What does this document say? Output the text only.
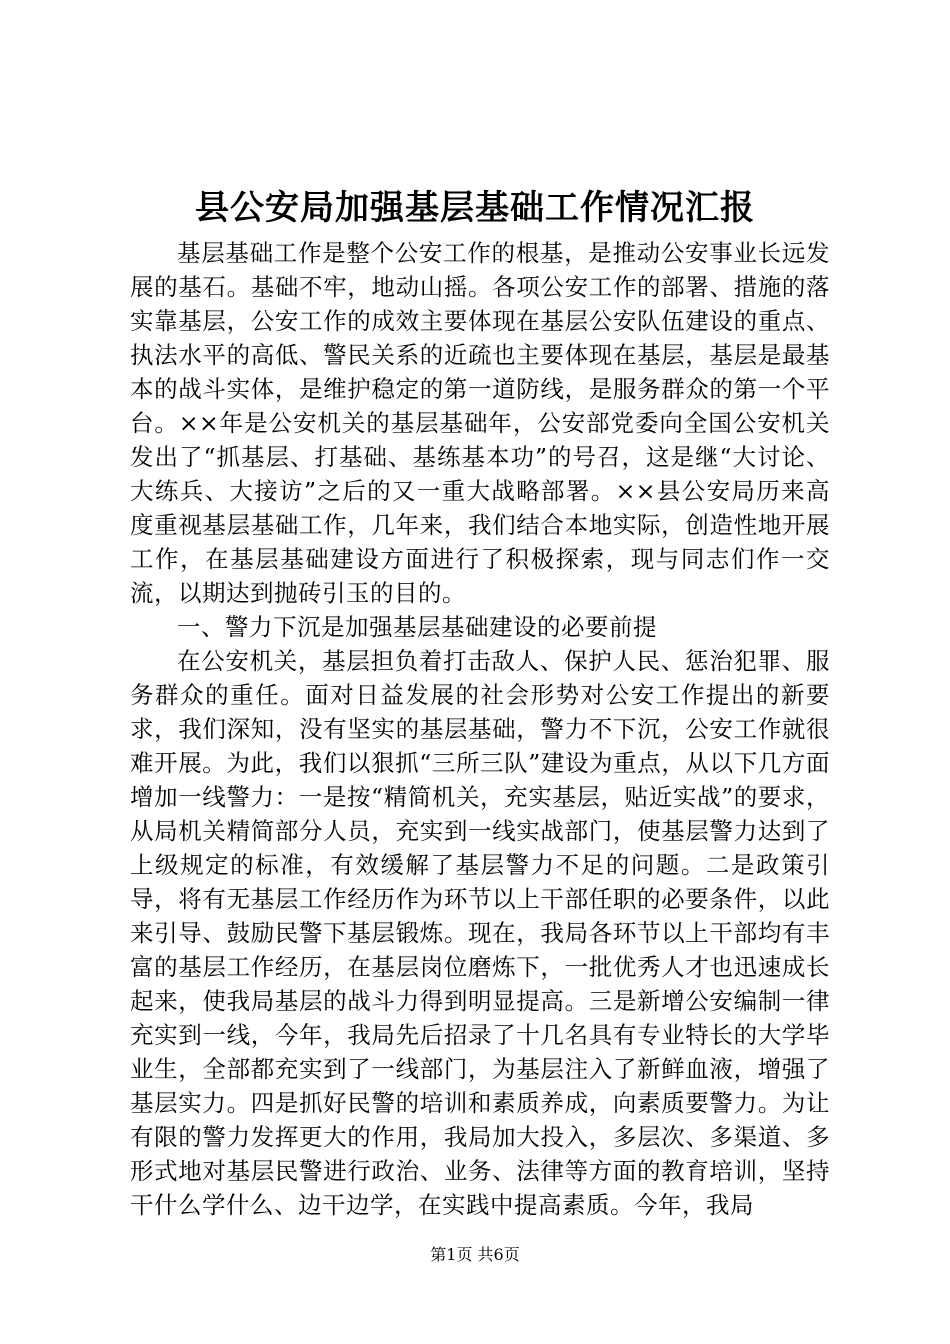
县公安局加强基层基础工作情况汇报

基层基础工作是整个公安工作的根基，是推动公安事业长远发展的基石。基础不牢，地动山摇。各项公安工作的部署、措施的落实靠基层，公安工作的成效主要体现在基层公安队伍建设的重点、执法水平的高低、警民关系的近疏也主要体现在基层，基层是最基本的战斗实体，是维护稳定的第一道防线，是服务群众的第一个平台。××年是公安机关的基层基础年，公安部党委向全国公安机关发出了“抓基层、打基础、基练基本功”的号召，这是继“大讨论、大练兵、大接访”之后的又一重大战略部署。××县公安局历来高度重视基层基础工作，几年来，我们结合本地实际，创造性地开展工作，在基层基础建设方面进行了积极探索，现与同志们作一交流，以期达到抛砖引玉的目的。

一、警力下沉是加强基层基础建设的必要前提

在公安机关，基层担负着打击敌人、保护人民、惩治犯罪、服务群众的重任。面对日益发展的社会形势对公安工作提出的新要求，我们深知，没有坚实的基层基础，警力不下沉，公安工作就很难开展。为此，我们以狠抓“三所三队”建设为重点，从以下几方面增加一线警力：一是按“精简机关，充实基层，贴近实战”的要求，从局机关精简部分人员，充实到一线实战部门，使基层警力达到了上级规定的标准，有效缓解了基层警力不足的问题。二是政策引导，将有无基层工作经历作为环节以上干部任职的必要条件，以此来引导、鼓励民警下基层锻炼。现在，我局各环节以上干部均有丰富的基层工作经历，在基层岗位磨炼下，一批优秀人才也迅速成长起来，使我局基层的战斗力得到明显提高。三是新增公安编制一律充实到一线，今年，我局先后招录了十几名具有专业特长的大学毕业生，全部都充实到了一线部门，为基层注入了新鲜血液，增强了基层实力。四是抓好民警的培训和素质养成，向素质要警力。为让有限的警力发挥更大的作用，我局加大投入，多层次、多渠道、多形式地对基层民警进行政治、业务、法律等方面的教育培训，坚持干什么学什么、边干边学，在实践中提高素质。今年，我局

第1页 共6页
